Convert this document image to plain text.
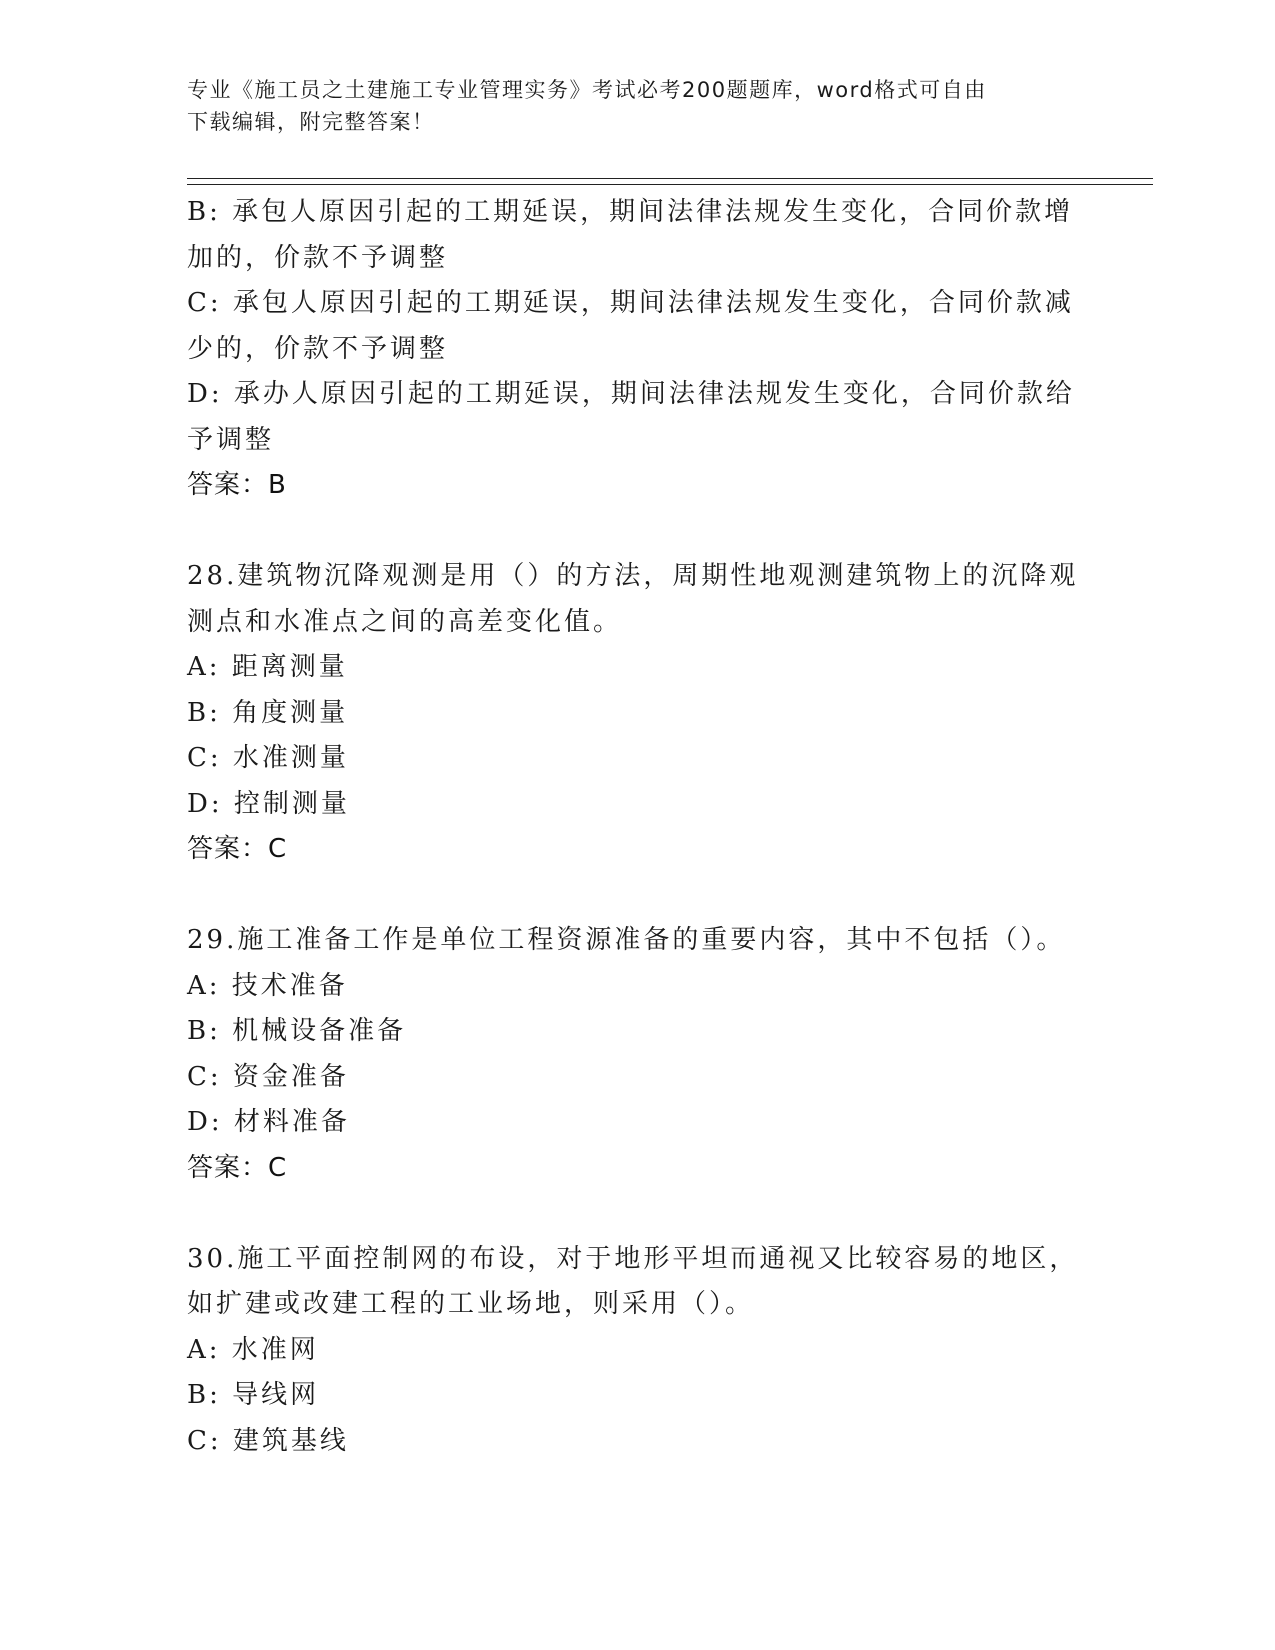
专业《施工员之土建施工专业管理实务》考试必考200题题库，word格式可自由
下载编辑，附完整答案！
B: 承包人原因引起的工期延误，期间法律法规发生变化，合同价款增
加的，价款不予调整
C: 承包人原因引起的工期延误，期间法律法规发生变化，合同价款减
少的，价款不予调整
D: 承办人原因引起的工期延误，期间法律法规发生变化，合同价款给
予调整
答案：B
28.建筑物沉降观测是用（）的方法，周期性地观测建筑物上的沉降观
测点和水准点之间的高差变化值。
A: 距离测量
B: 角度测量
C: 水准测量
D: 控制测量
答案：C
29.施工准备工作是单位工程资源准备的重要内容，其中不包括（）。
A: 技术准备
B: 机械设备准备
C: 资金准备
D: 材料准备
答案：C
30.施工平面控制网的布设，对于地形平坦而通视又比较容易的地区，
如扩建或改建工程的工业场地，则采用（）。
A: 水准网
B: 导线网
C: 建筑基线
